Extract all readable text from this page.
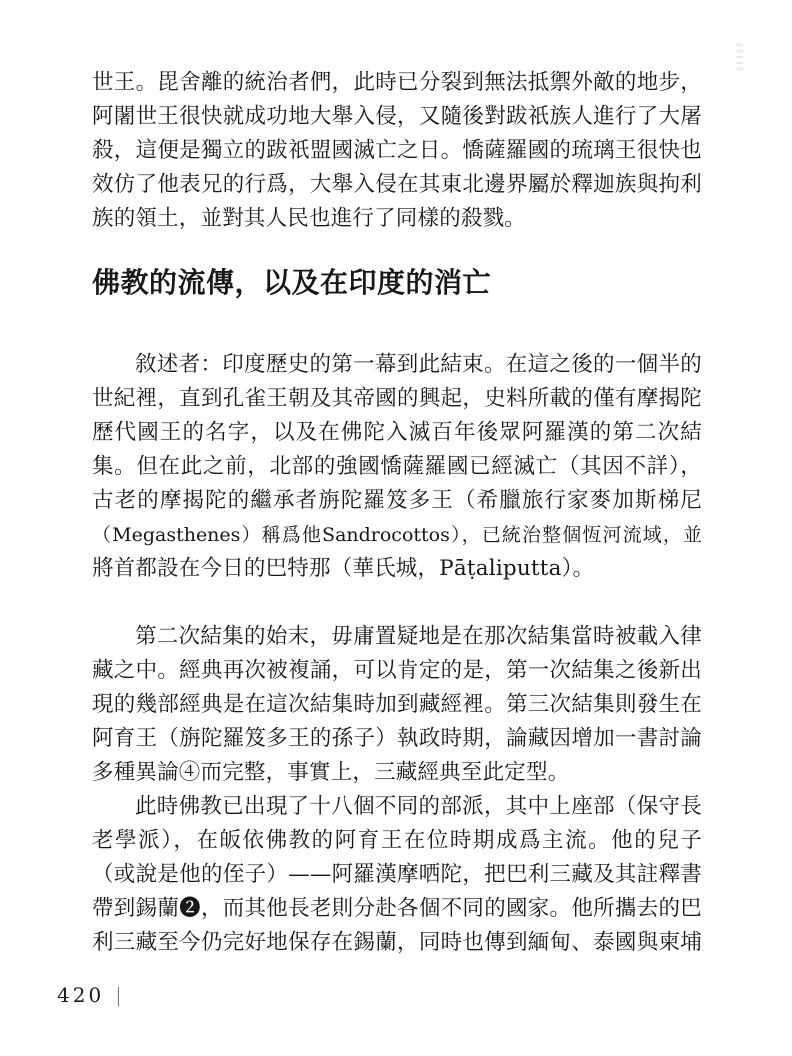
世王。毘舍離的統治者們，此時已分裂到無法抵禦外敵的地步，
阿闍世王很快就成功地大舉入侵，又隨後對跋祇族人進行了大屠
殺，這便是獨立的跋祇盟國滅亡之日。憍薩羅國的琉璃王很快也
效仿了他表兄的行爲，大舉入侵在其東北邊界屬於釋迦族與拘利
族的領土，並對其人民也進行了同樣的殺戮。
佛教的流傳，以及在印度的消亡
敘述者：印度歷史的第一幕到此結束。在這之後的一個半的
世紀裡，直到孔雀王朝及其帝國的興起，史料所載的僅有摩揭陀
歷代國王的名字，以及在佛陀入滅百年後眾阿羅漢的第二次結
集。但在此之前，北部的強國憍薩羅國已經滅亡（其因不詳），
古老的摩揭陀的繼承者旃陀羅笈多王（希臘旅行家麥加斯梯尼
（Megasthenes）稱爲他Sandrocottos），已統治整個恆河流域，並
將首都設在今日的巴特那（華氏城，Pāṭaliputta）。
第二次結集的始末，毋庸置疑地是在那次結集當時被載入律
藏之中。經典再次被複誦，可以肯定的是，第一次結集之後新出
現的幾部經典是在這次結集時加到藏經裡。第三次結集則發生在
阿育王（旃陀羅笈多王的孫子）執政時期，論藏因增加一書討論
多種異論④而完整，事實上，三藏經典至此定型。
此時佛教已出現了十八個不同的部派，其中上座部（保守長
老學派），在皈依佛教的阿育王在位時期成爲主流。他的兒子
（或說是他的侄子）——阿羅漢摩哂陀，把巴利三藏及其註釋書
帶到錫蘭❷，而其他長老則分赴各個不同的國家。他所攜去的巴
利三藏至今仍完好地保存在錫蘭，同時也傳到緬甸、泰國與柬埔
420 |
